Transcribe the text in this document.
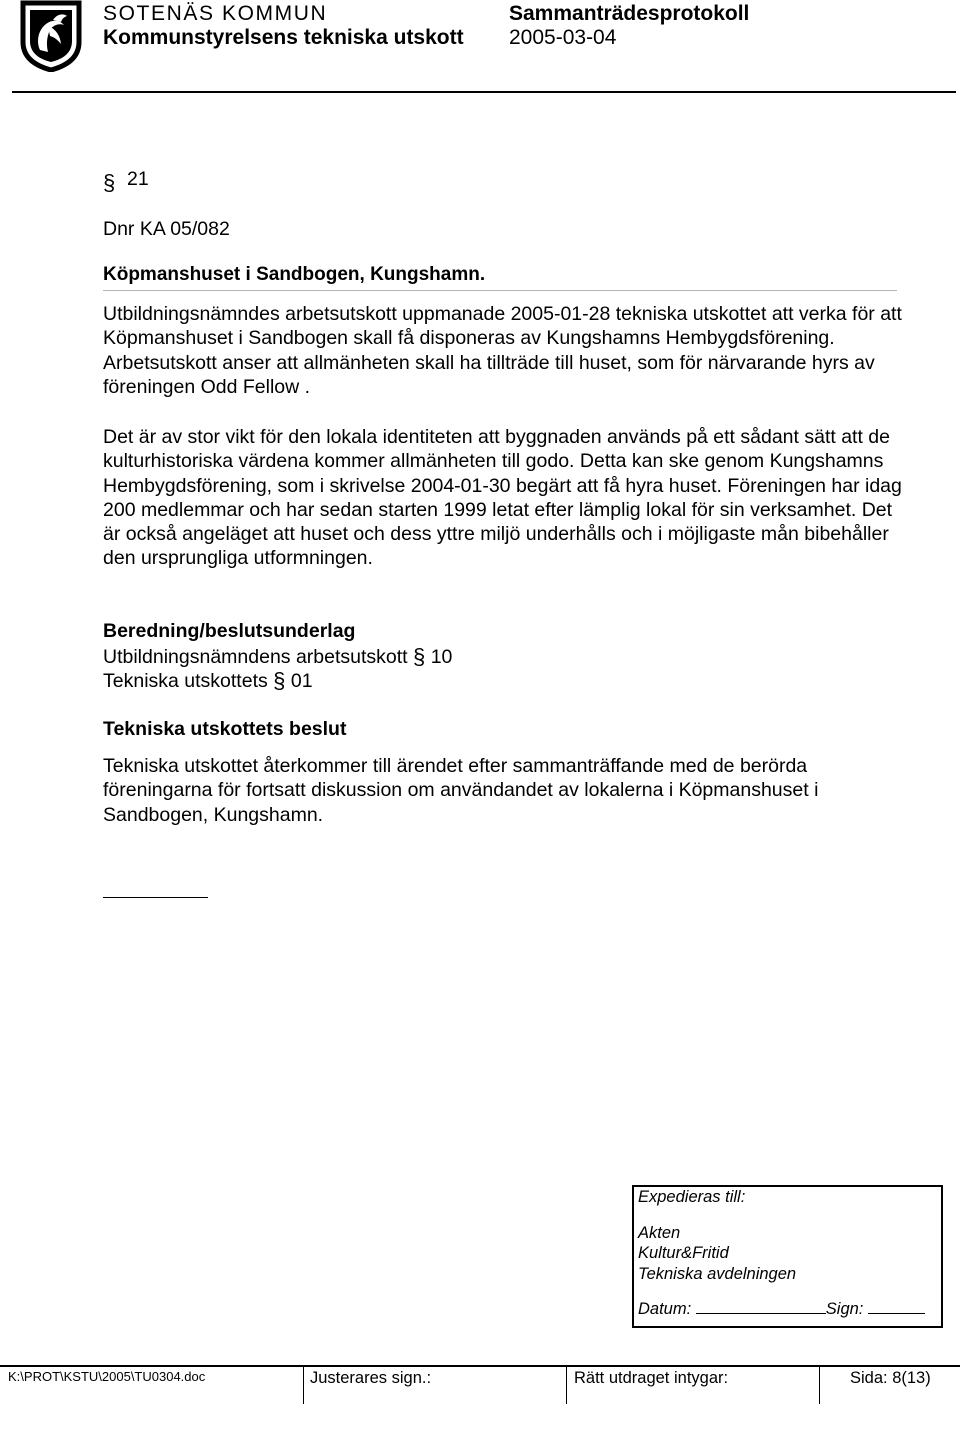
SOTENÄS KOMMUN
Kommunstyrelsens tekniska utskott
Sammanträdesprotokoll
2005-03-04
§ 21
Dnr KA 05/082
Köpmanshuset i Sandbogen, Kungshamn.
Utbildningsnämndes arbetsutskott uppmanade 2005-01-28 tekniska utskottet att verka för att Köpmanshuset i Sandbogen skall få disponeras av Kungshamns Hembygdsförening. Arbetsutskott anser att allmänheten skall ha tillträde till huset, som för närvarande hyrs av föreningen Odd Fellow .
Det är av stor vikt för den lokala identiteten att byggnaden används på ett sådant sätt att de kulturhistoriska värdena kommer allmänheten till godo. Detta kan ske genom Kungshamns Hembygdsförening, som i skrivelse 2004-01-30 begärt att få hyra huset. Föreningen har idag 200 medlemmar och har sedan starten 1999 letat efter lämplig lokal för sin verksamhet. Det är också angeläget att huset och dess yttre miljö underhålls och i möjligaste mån bibehåller den ursprungliga utformningen.
Beredning/beslutsunderlag
Utbildningsnämndens arbetsutskott § 10
Tekniska utskottets § 01
Tekniska utskottets beslut
Tekniska utskottet återkommer till ärendet efter sammanträffande med de berörda föreningarna för fortsatt diskussion om användandet av lokalerna i Köpmanshuset i Sandbogen, Kungshamn.
Expedieras till:
Akten
Kultur&Fritid
Tekniska avdelningen
Datum:	Sign:
K:\PROT\KSTU\2005\TU0304.doc	Justerares sign.:	Rätt utdraget intygar:	Sida: 8(13)
